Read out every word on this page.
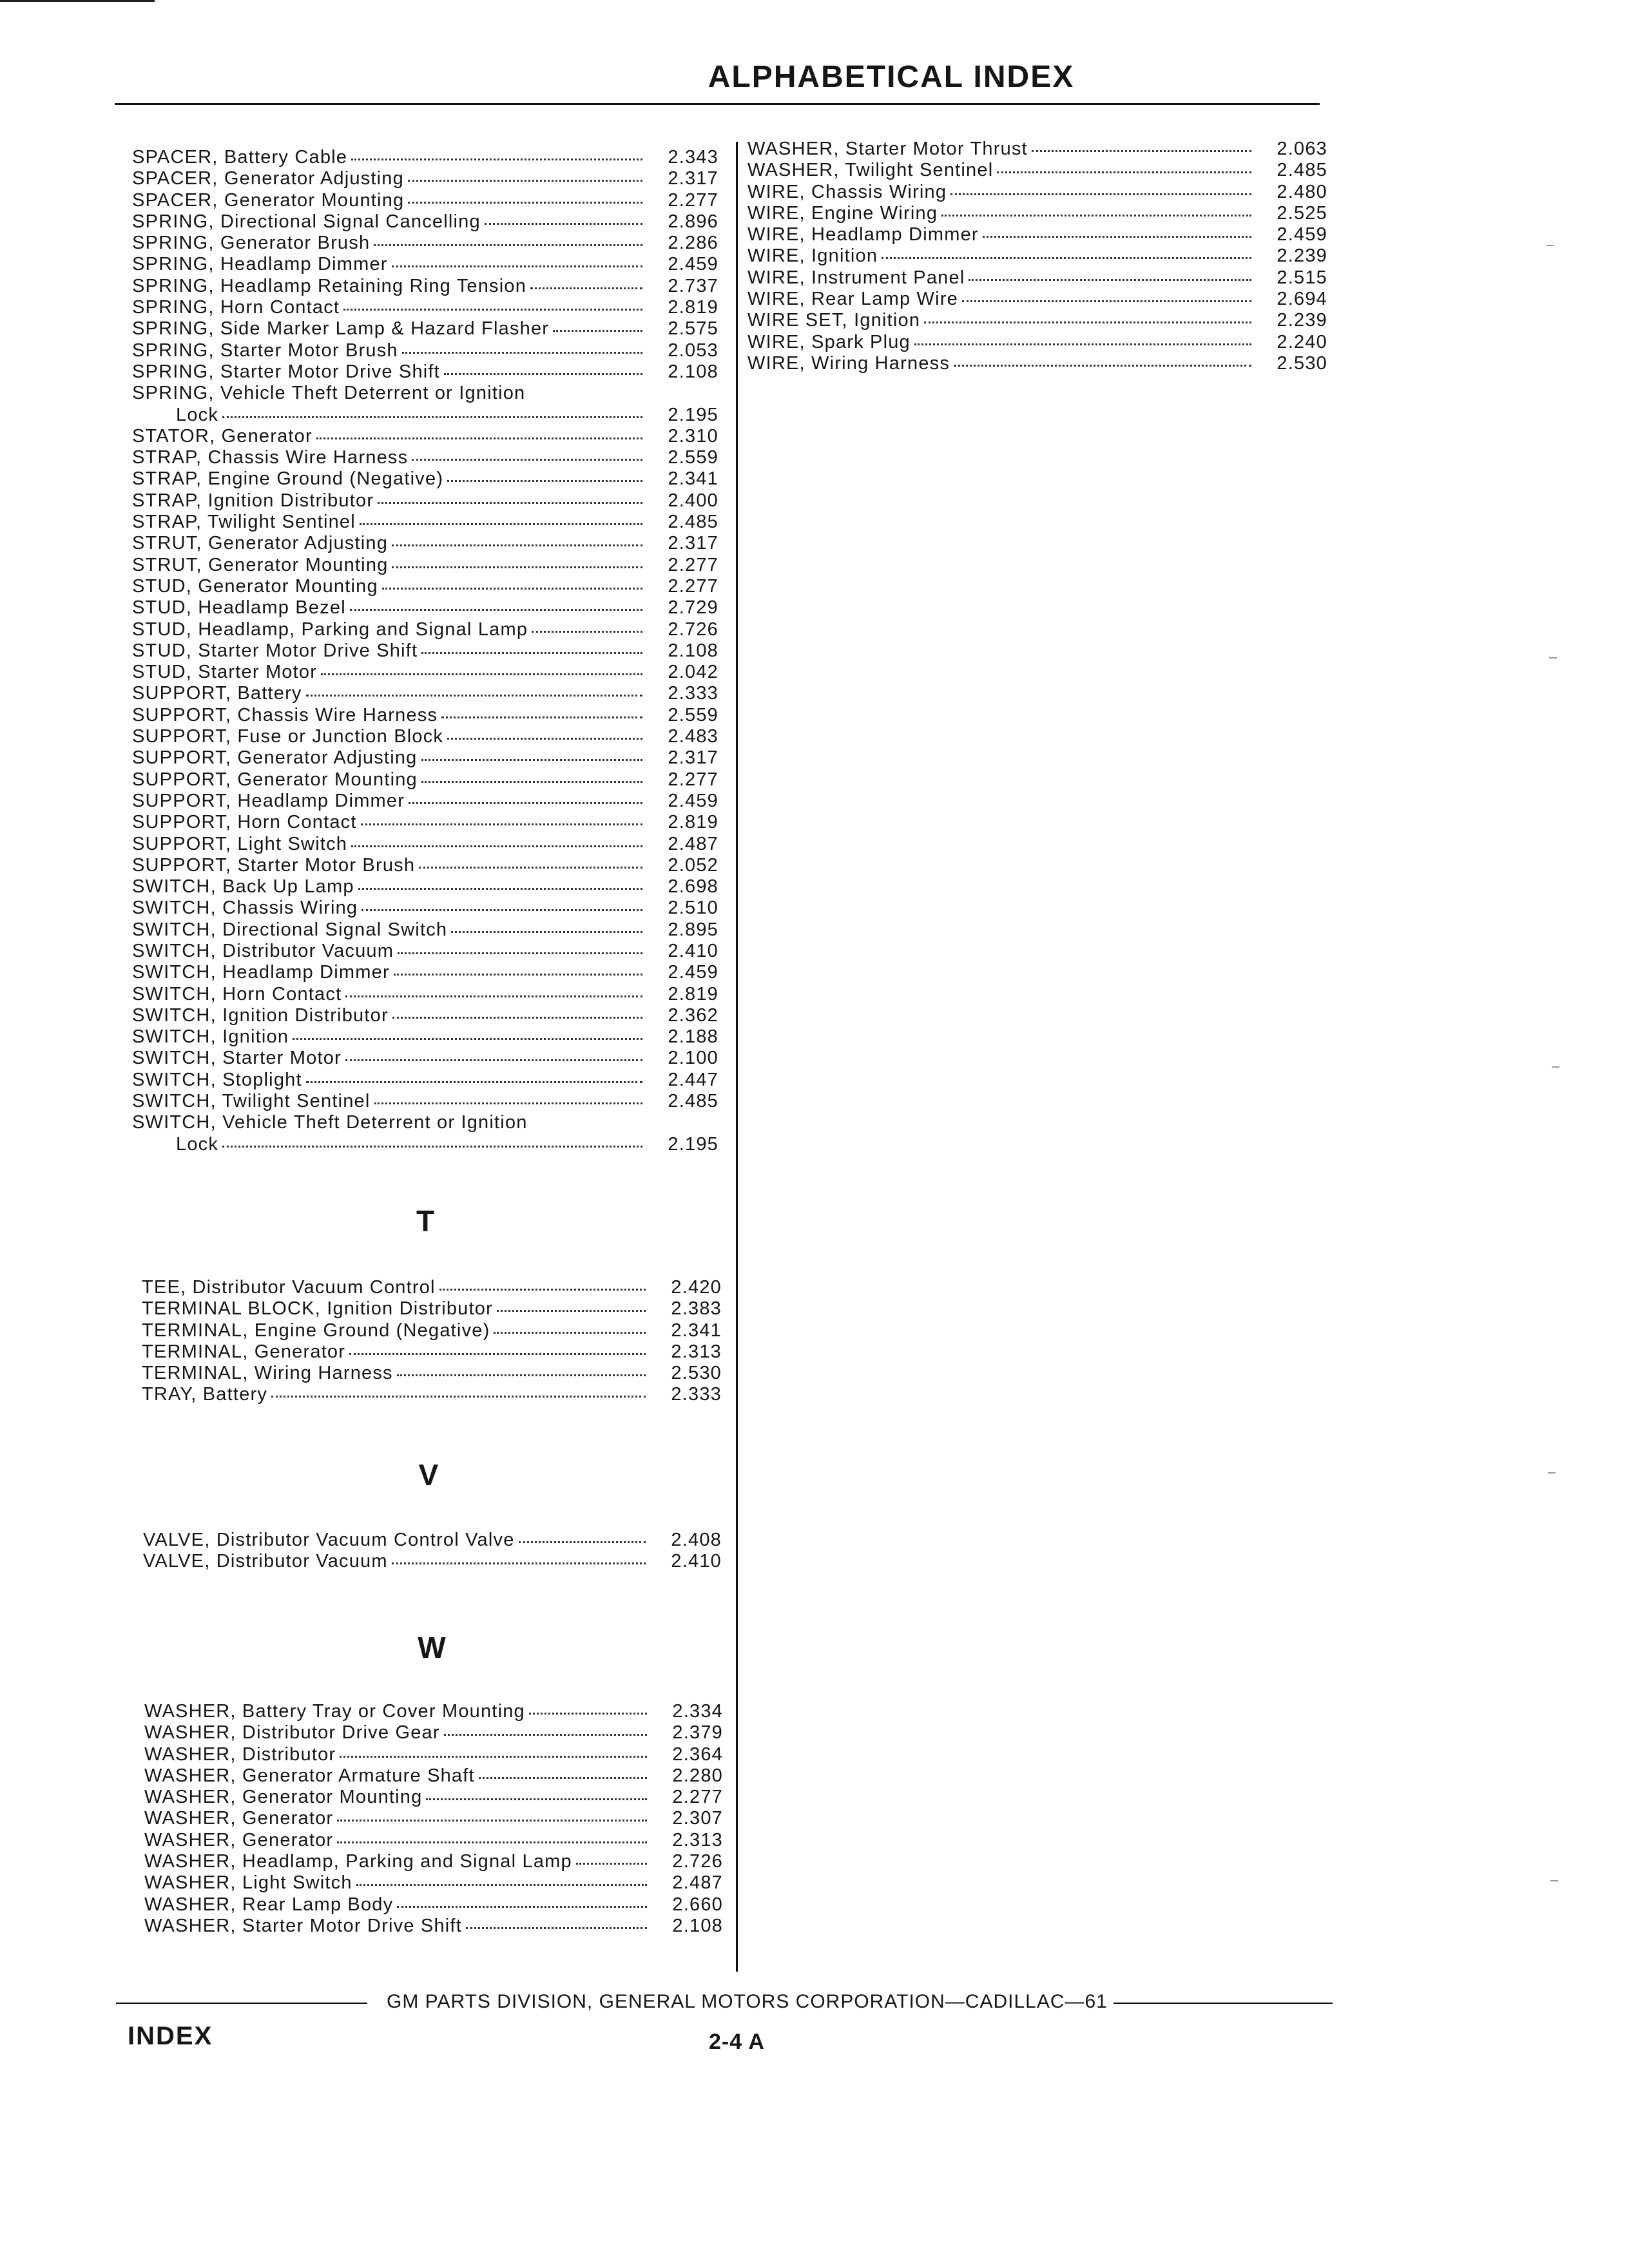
ALPHABETICAL INDEX
SPACER, Battery Cable	2.343
SPACER, Generator Adjusting	2.317
SPACER, Generator Mounting	2.277
SPRING, Directional Signal Cancelling	2.896
SPRING, Generator Brush	2.286
SPRING, Headlamp Dimmer	2.459
SPRING, Headlamp Retaining Ring Tension	2.737
SPRING, Horn Contact	2.819
SPRING, Side Marker Lamp & Hazard Flasher	2.575
SPRING, Starter Motor Brush	2.053
SPRING, Starter Motor Drive Shift	2.108
SPRING, Vehicle Theft Deterrent or Ignition
Lock	2.195
STATOR, Generator	2.310
STRAP, Chassis Wire Harness	2.559
STRAP, Engine Ground (Negative)	2.341
STRAP, Ignition Distributor	2.400
STRAP, Twilight Sentinel	2.485
STRUT, Generator Adjusting	2.317
STRUT, Generator Mounting	2.277
STUD, Generator Mounting	2.277
STUD, Headlamp Bezel	2.729
STUD, Headlamp, Parking and Signal Lamp	2.726
STUD, Starter Motor Drive Shift	2.108
STUD, Starter Motor	2.042
SUPPORT, Battery	2.333
SUPPORT, Chassis Wire Harness	2.559
SUPPORT, Fuse or Junction Block	2.483
SUPPORT, Generator Adjusting	2.317
SUPPORT, Generator Mounting	2.277
SUPPORT, Headlamp Dimmer	2.459
SUPPORT, Horn Contact	2.819
SUPPORT, Light Switch	2.487
SUPPORT, Starter Motor Brush	2.052
SWITCH, Back Up Lamp	2.698
SWITCH, Chassis Wiring	2.510
SWITCH, Directional Signal Switch	2.895
SWITCH, Distributor Vacuum	2.410
SWITCH, Headlamp Dimmer	2.459
SWITCH, Horn Contact	2.819
SWITCH, Ignition Distributor	2.362
SWITCH, Ignition	2.188
SWITCH, Starter Motor	2.100
SWITCH, Stoplight	2.447
SWITCH, Twilight Sentinel	2.485
SWITCH, Vehicle Theft Deterrent or Ignition
Lock	2.195
T
TEE, Distributor Vacuum Control	2.420
TERMINAL BLOCK, Ignition Distributor	2.383
TERMINAL, Engine Ground (Negative)	2.341
TERMINAL, Generator	2.313
TERMINAL, Wiring Harness	2.530
TRAY, Battery	2.333
V
VALVE, Distributor Vacuum Control Valve	2.408
VALVE, Distributor Vacuum	2.410
W
WASHER, Battery Tray or Cover Mounting	2.334
WASHER, Distributor Drive Gear	2.379
WASHER, Distributor	2.364
WASHER, Generator Armature Shaft	2.280
WASHER, Generator Mounting	2.277
WASHER, Generator	2.307
WASHER, Generator	2.313
WASHER, Headlamp, Parking and Signal Lamp	2.726
WASHER, Light Switch	2.487
WASHER, Rear Lamp Body	2.660
WASHER, Starter Motor Drive Shift	2.108
WASHER, Starter Motor Thrust	2.063
WASHER, Twilight Sentinel	2.485
WIRE, Chassis Wiring	2.480
WIRE, Engine Wiring	2.525
WIRE, Headlamp Dimmer	2.459
WIRE, Ignition	2.239
WIRE, Instrument Panel	2.515
WIRE, Rear Lamp Wire	2.694
WIRE SET, Ignition	2.239
WIRE, Spark Plug	2.240
WIRE, Wiring Harness	2.530
GM PARTS DIVISION, GENERAL MOTORS CORPORATION—CADILLAC—61
INDEX	2-4 A
